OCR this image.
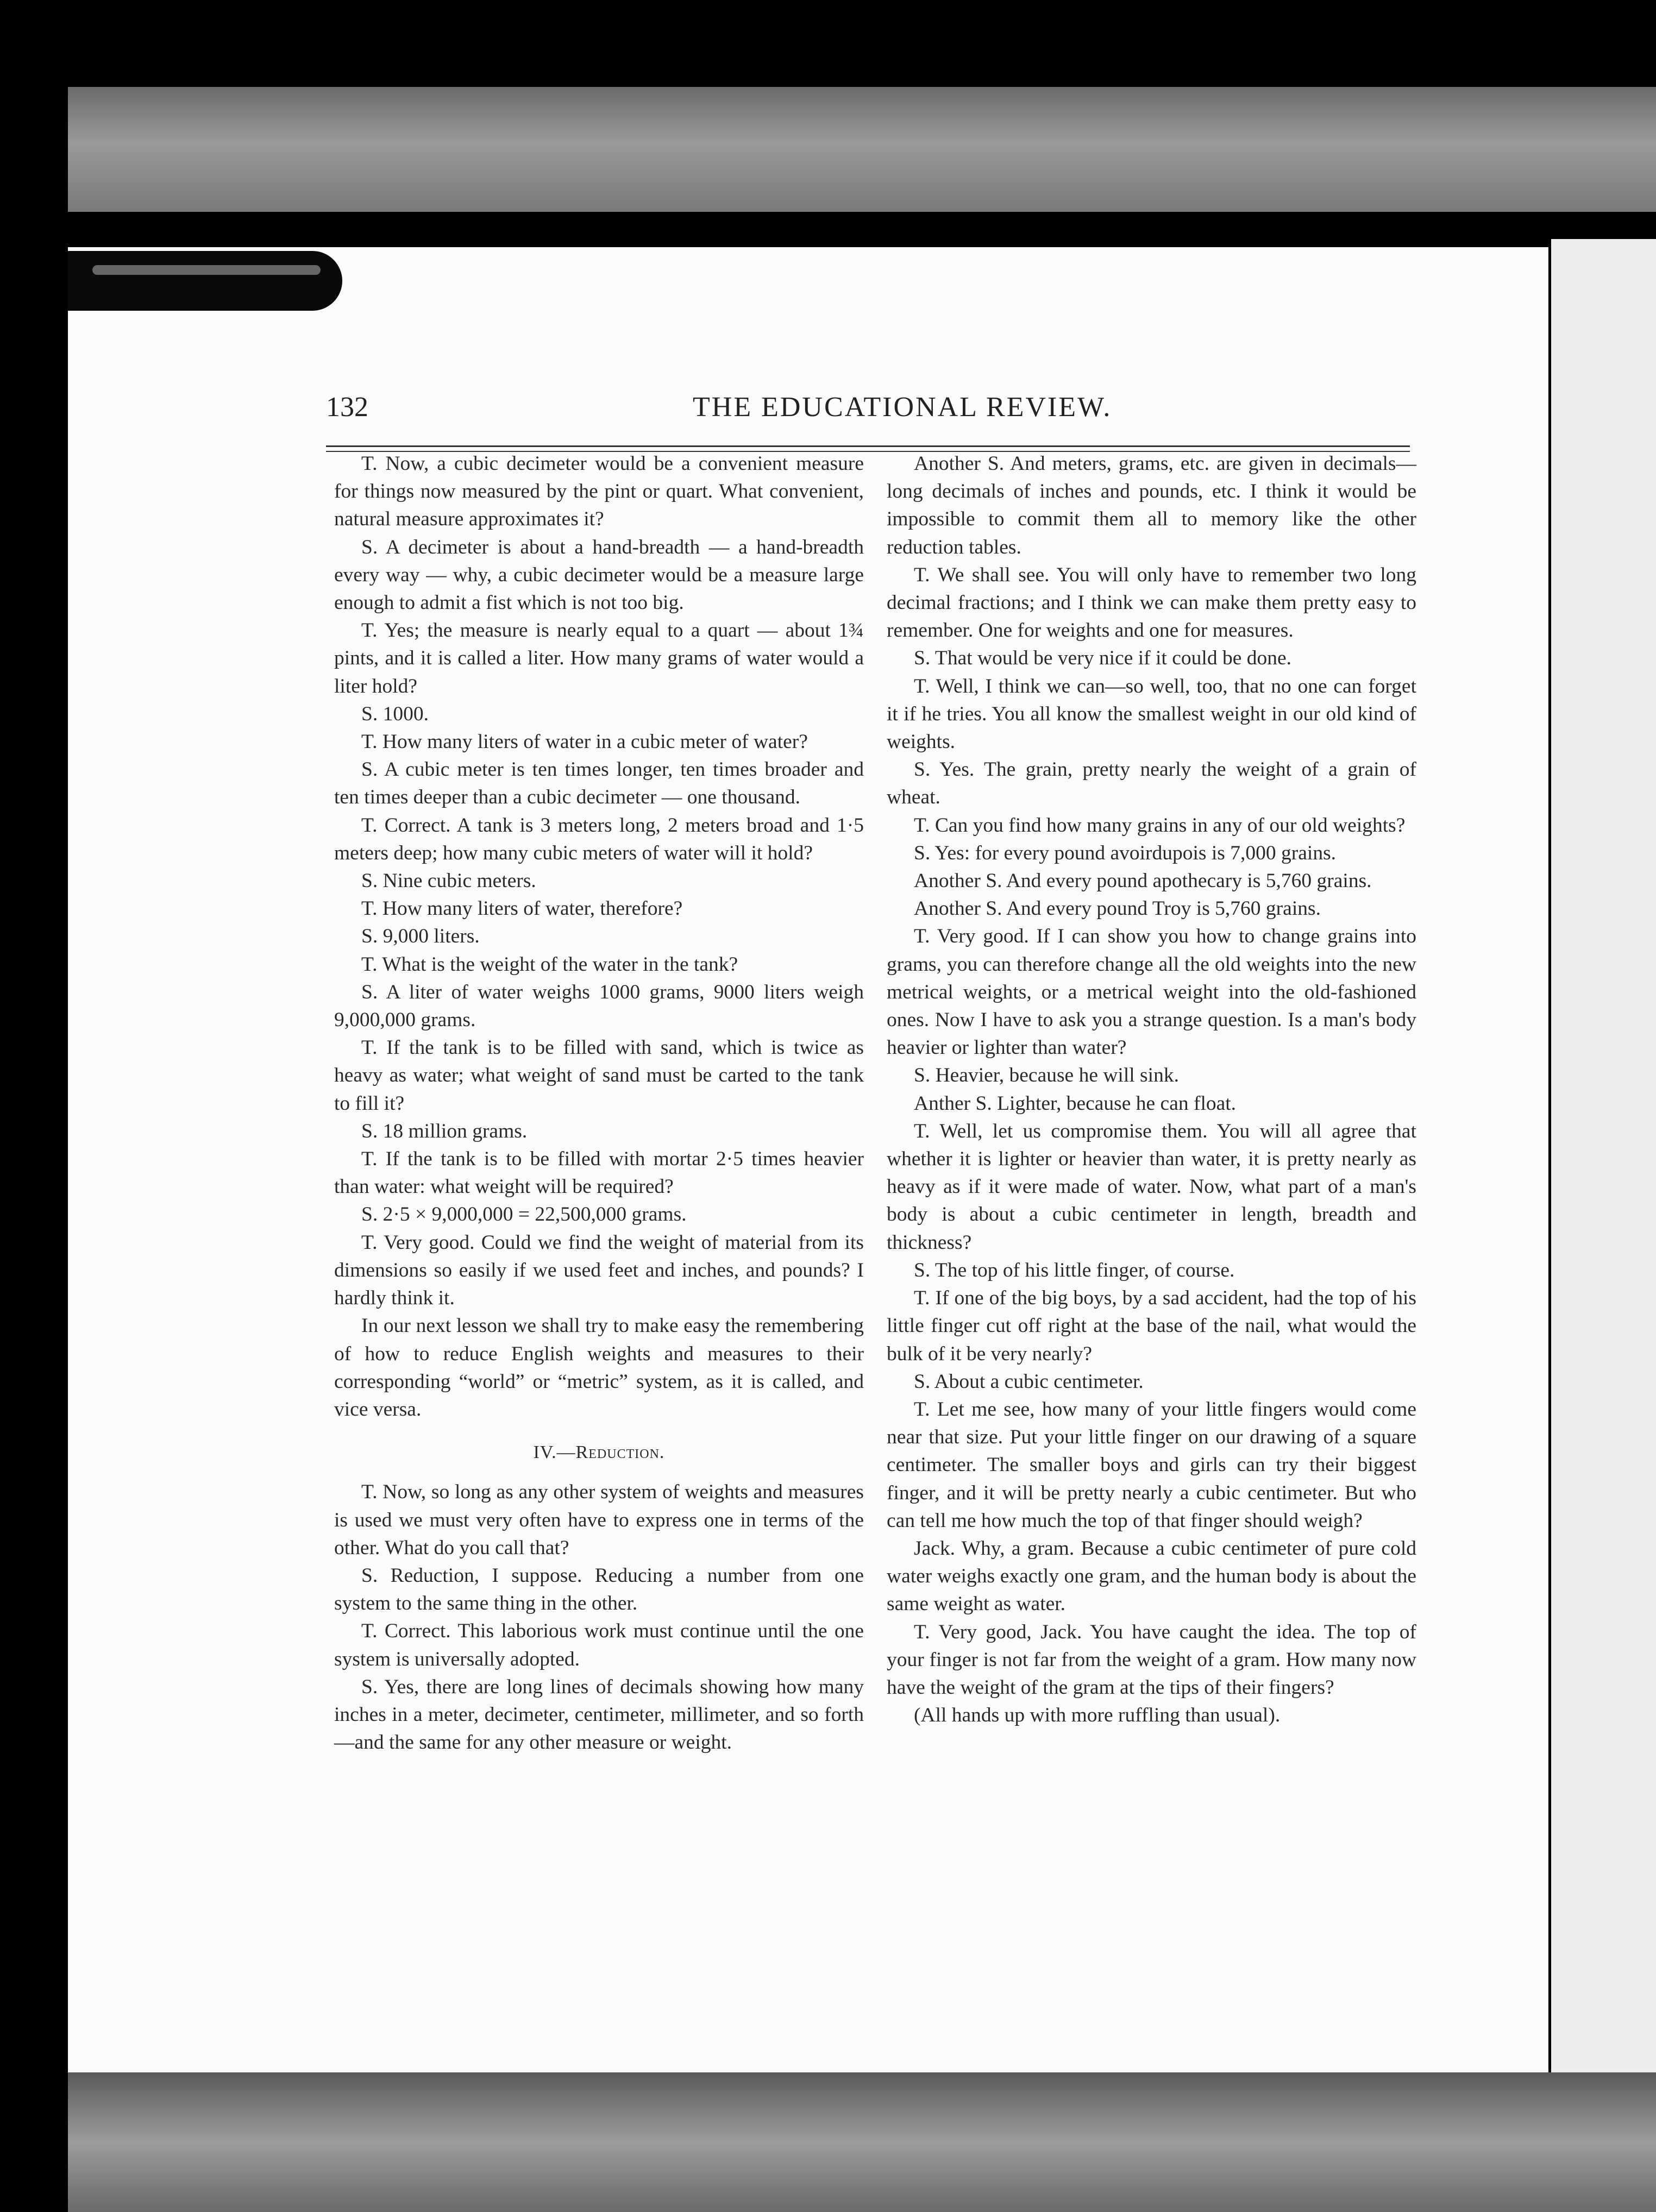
132	THE EDUCATIONAL REVIEW.

T. Now, a cubic decimeter would be a convenient measure for things now measured by the pint or quart. What convenient, natural measure approximates it?

S. A decimeter is about a hand-breadth — a hand-breadth every way — why, a cubic decimeter would be a measure large enough to admit a fist which is not too big.

T. Yes; the measure is nearly equal to a quart — about 1¾ pints, and it is called a liter. How many grams of water would a liter hold?

S. 1000.

T. How many liters of water in a cubic meter of water?

S. A cubic meter is ten times longer, ten times broader and ten times deeper than a cubic decimeter — one thousand.

T. Correct. A tank is 3 meters long, 2 meters broad and 1·5 meters deep; how many cubic meters of water will it hold?

S. Nine cubic meters.

T. How many liters of water, therefore?

S. 9,000 liters.

T. What is the weight of the water in the tank?

S. A liter of water weighs 1000 grams, 9000 liters weigh 9,000,000 grams.

T. If the tank is to be filled with sand, which is twice as heavy as water; what weight of sand must be carted to the tank to fill it?

S. 18 million grams.

T. If the tank is to be filled with mortar 2·5 times heavier than water: what weight will be required?

S. 2·5 × 9,000,000 = 22,500,000 grams.

T. Very good. Could we find the weight of material from its dimensions so easily if we used feet and inches, and pounds? I hardly think it.

In our next lesson we shall try to make easy the remembering of how to reduce English weights and measures to their corresponding “world” or “metric” system, as it is called, and vice versa.

IV.—Reduction.

T. Now, so long as any other system of weights and measures is used we must very often have to express one in terms of the other. What do you call that?

S. Reduction, I suppose. Reducing a number from one system to the same thing in the other.

T. Correct. This laborious work must continue until the one system is universally adopted.

S. Yes, there are long lines of decimals showing how many inches in a meter, decimeter, centimeter, millimeter, and so forth—and the same for any other measure or weight.

Another S. And meters, grams, etc. are given in decimals—long decimals of inches and pounds, etc. I think it would be impossible to commit them all to memory like the other reduction tables.

T. We shall see. You will only have to remember two long decimal fractions; and I think we can make them pretty easy to remember. One for weights and one for measures.

S. That would be very nice if it could be done.

T. Well, I think we can—so well, too, that no one can forget it if he tries. You all know the smallest weight in our old kind of weights.

S. Yes. The grain, pretty nearly the weight of a grain of wheat.

T. Can you find how many grains in any of our old weights?

S. Yes: for every pound avoirdupois is 7,000 grains.

Another S. And every pound apothecary is 5,760 grains.

Another S. And every pound Troy is 5,760 grains.

T. Very good. If I can show you how to change grains into grams, you can therefore change all the old weights into the new metrical weights, or a metrical weight into the old-fashioned ones. Now I have to ask you a strange question. Is a man's body heavier or lighter than water?

S. Heavier, because he will sink.

Anther S. Lighter, because he can float.

T. Well, let us compromise them. You will all agree that whether it is lighter or heavier than water, it is pretty nearly as heavy as if it were made of water. Now, what part of a man's body is about a cubic centimeter in length, breadth and thickness?

S. The top of his little finger, of course.

T. If one of the big boys, by a sad accident, had the top of his little finger cut off right at the base of the nail, what would the bulk of it be very nearly?

S. About a cubic centimeter.

T. Let me see, how many of your little fingers would come near that size. Put your little finger on our drawing of a square centimeter. The smaller boys and girls can try their biggest finger, and it will be pretty nearly a cubic centimeter. But who can tell me how much the top of that finger should weigh?

Jack. Why, a gram. Because a cubic centimeter of pure cold water weighs exactly one gram, and the human body is about the same weight as water.

T. Very good, Jack. You have caught the idea. The top of your finger is not far from the weight of a gram. How many now have the weight of the gram at the tips of their fingers?

(All hands up with more ruffling than usual).
